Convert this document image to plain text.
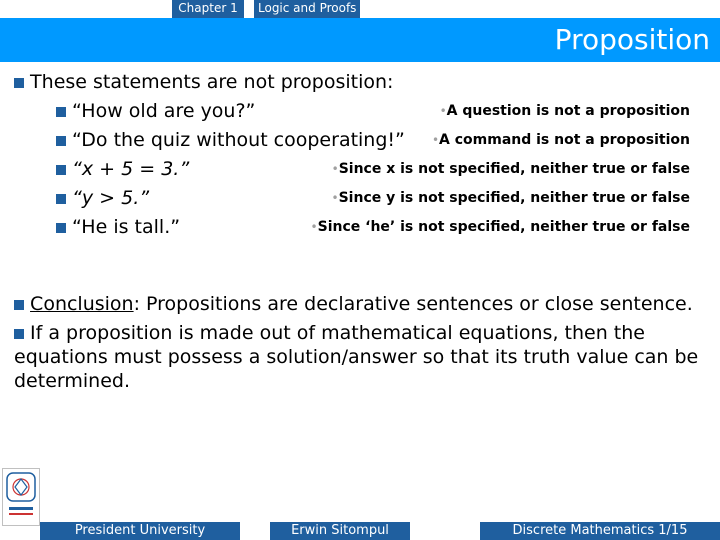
Chapter 1	Logic and Proofs
Proposition
These statements are not proposition:
“How old are you?”	•A question is not a proposition
“Do the quiz without cooperating!” •A command is not a proposition
“x + 5 = 3.”	•Since x is not specified, neither true or false
“y > 5.”	•Since y is not specified, neither true or false
“He is tall.”	•Since ‘he’ is not specified, neither true or false
Conclusion: Propositions are declarative sentences or close sentence.
If a proposition is made out of mathematical equations, then the equations must possess a solution/answer so that its truth value can be determined.
President University	Erwin Sitompul	Discrete Mathematics 1/15
